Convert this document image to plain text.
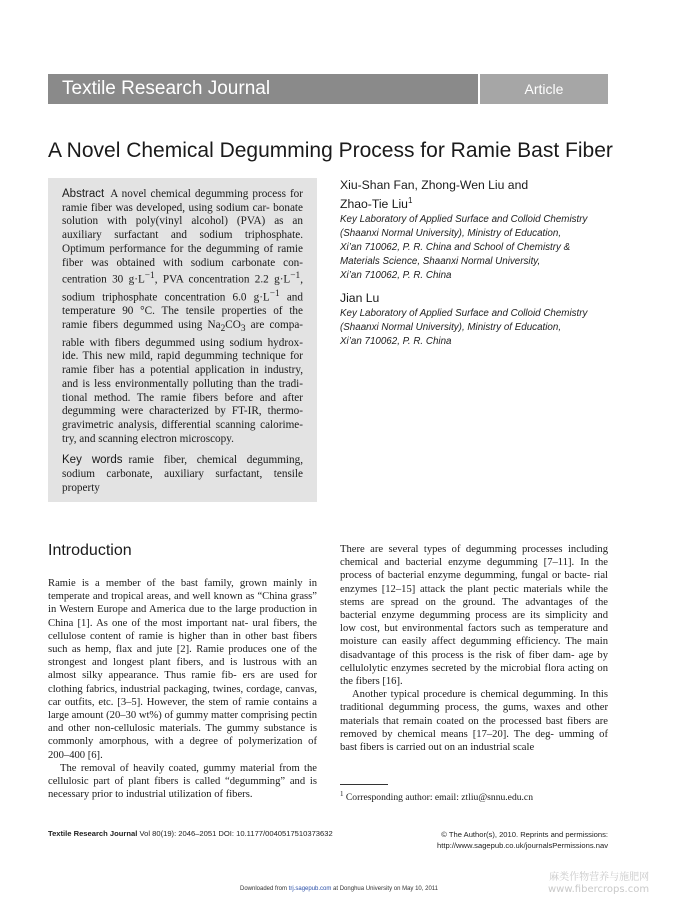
Textile Research Journal	Article
A Novel Chemical Degumming Process for Ramie Bast Fiber
Abstract A novel chemical degumming process for ramie fiber was developed, using sodium car- bonate solution with poly(vinyl alcohol) (PVA) as an auxiliary surfactant and sodium triphosphate. Optimum performance for the degumming of ramie fiber was obtained with sodium carbonate con- centration 30 $g\cdot L^{-1}$, PVA concentration 2.2 $g\cdot L^{-1}$, sodium triphosphate concentration 6.0 $g\cdot L^{-1}$ and temperature 90 °C. The tensile properties of the ramie fibers degummed using $Na_2CO_3$ are compa- rable with fibers degummed using sodium hydrox- ide. This new mild, rapid degumming technique for ramie fiber has a potential application in industry, and is less environmentally polluting than the tradi- tional method. The ramie fibers before and after degumming were characterized by FT-IR, thermo- gravimetric analysis, differential scanning calorime- try, and scanning electron microscopy.
Key words ramie fiber, chemical degumming, sodium carbonate, auxiliary surfactant, tensile property
Xiu-Shan Fan, Zhong-Wen Liu and
Zhao-Tie Liu$^1$
Key Laboratory of Applied Surface and Colloid Chemistry
(Shaanxi Normal University), Ministry of Education,
Xi’an 710062, P. R. China and School of Chemistry &
Materials Science, Shaanxi Normal University,
Xi’an 710062, P. R. China
Jian Lu
Key Laboratory of Applied Surface and Colloid Chemistry
(Shaanxi Normal University), Ministry of Education,
Xi’an 710062, P. R. China
Introduction

Ramie is a member of the bast family, grown mainly in temperate and tropical areas, and well known as “China grass” in Western Europe and America due to the large production in China [1]. As one of the most important nat- ural fibers, the cellulose content of ramie is higher than in other bast fibers such as hemp, flax and jute [2]. Ramie produces one of the strongest and longest plant fibers, and is lustrous with an almost silky appearance. Thus ramie fib- ers are used for clothing fabrics, industrial packaging, twines, cordage, canvas, car outfits, etc. [3–5]. However, the stem of ramie contains a large amount (20–30 wt%) of gummy matter comprising pectin and other non-cellulosic materials. The gummy substance is commonly amorphous, with a degree of polymerization of 200–400 [6].

The removal of heavily coated, gummy material from the cellulosic part of plant fibers is called “degumming” and is necessary prior to industrial utilization of fibers.

There are several types of degumming processes including chemical and bacterial enzyme degumming [7–11]. In the process of bacterial enzyme degumming, fungal or bacte- rial enzymes [12–15] attack the plant pectic materials while the stems are spread on the ground. The advantages of the bacterial enzyme degumming process are its simplicity and low cost, but environmental factors such as temperature and moisture can easily affect degumming efficiency. The main disadvantage of this process is the risk of fiber dam- age by cellulolytic enzymes secreted by the microbial flora acting on the fibers [16].

Another typical procedure is chemical degumming. In this traditional degumming process, the gums, waxes and other materials that remain coated on the processed bast fibers are removed by chemical means [17–20]. The deg- umming of bast fibers is carried out on an industrial scale

$^1$ Corresponding author: email: ztliu@snnu.edu.cn
Textile Research Journal Vol 80(19): 2046–2051 DOI: 10.1177/0040517510373632	© The Author(s), 2010. Reprints and permissions:
http://www.sagepub.co.uk/journalsPermissions.nav
Downloaded from trj.sagepub.com at Donghua University on May 10, 2011
麻类作物营养与施肥网
www.fibercrops.com
